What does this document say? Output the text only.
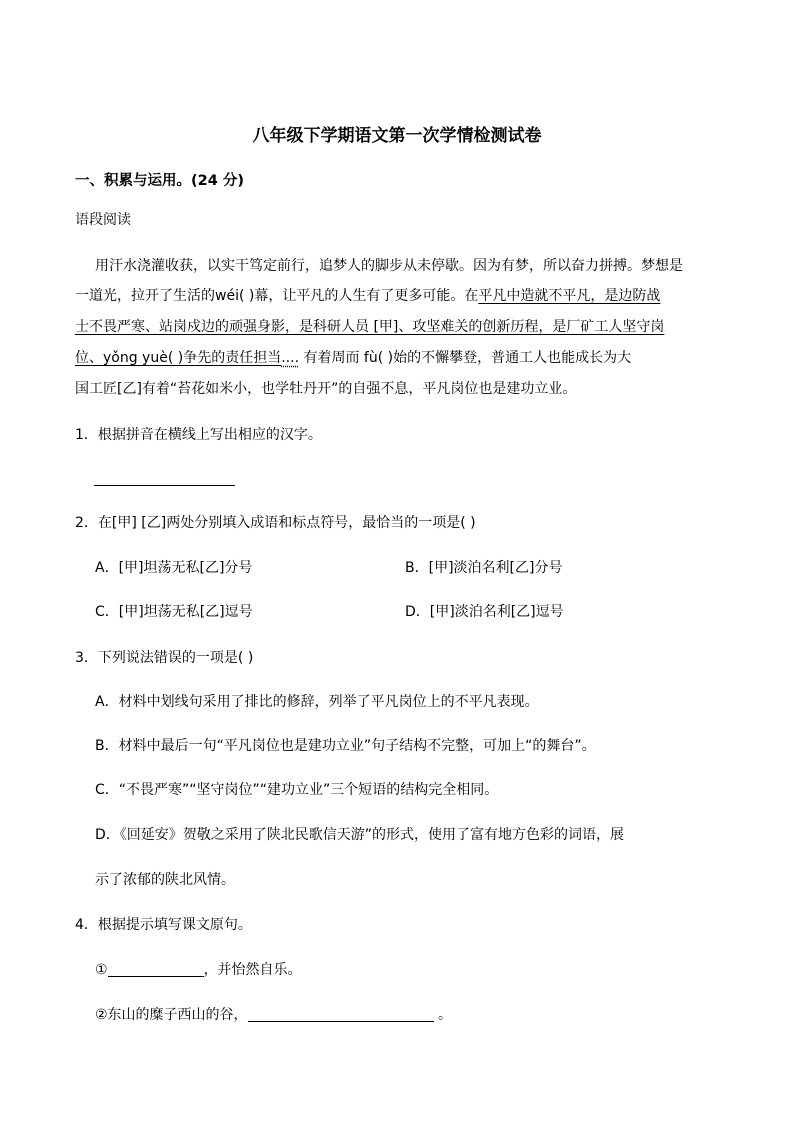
八年级下学期语文第一次学情检测试卷
一、积累与运用。(24 分)
语段阅读
用汗水浇灌收获，以实干笃定前行，追梦人的脚步从未停歇。因为有梦，所以奋力拼搏。梦想是
一道光，拉开了生活的wéi( )幕，让平凡的人生有了更多可能。在平凡中造就不平凡，是边防战
士不畏严寒、站岗戍边的顽强身影，是科研人员 [甲]、攻坚难关的创新历程，是厂矿工人坚守岗
位、yǒng yuè( )争先的责任担当.... 有着周而 fù( )始的不懈攀登，普通工人也能成长为大
国工匠[乙]有着“苔花如米小，也学牡丹开”的自强不息，平凡岗位也是建功立业。
1．根据拼音在横线上写出相应的汉字。
2．在[甲] [乙]两处分别填入成语和标点符号，最恰当的一项是( )
A．[甲]坦荡无私[乙]分号	B．[甲]淡泊名利[乙]分号
C．[甲]坦荡无私[乙]逗号	D．[甲]淡泊名利[乙]逗号
3．下列说法错误的一项是( )
A．材料中划线句采用了排比的修辞，列举了平凡岗位上的不平凡表现。
B．材料中最后一句“平凡岗位也是建功立业”句子结构不完整，可加上“的舞台”。
C．“不畏严寒”“坚守岗位”“建功立业”三个短语的结构完全相同。
D．《回延安》贺敬之采用了陕北民歌信天游”的形式，使用了富有地方色彩的词语，展
示了浓郁的陕北风情。
4．根据提示填写课文原句。
①	，并怡然自乐。
②东山的糜子西山的谷，	。
